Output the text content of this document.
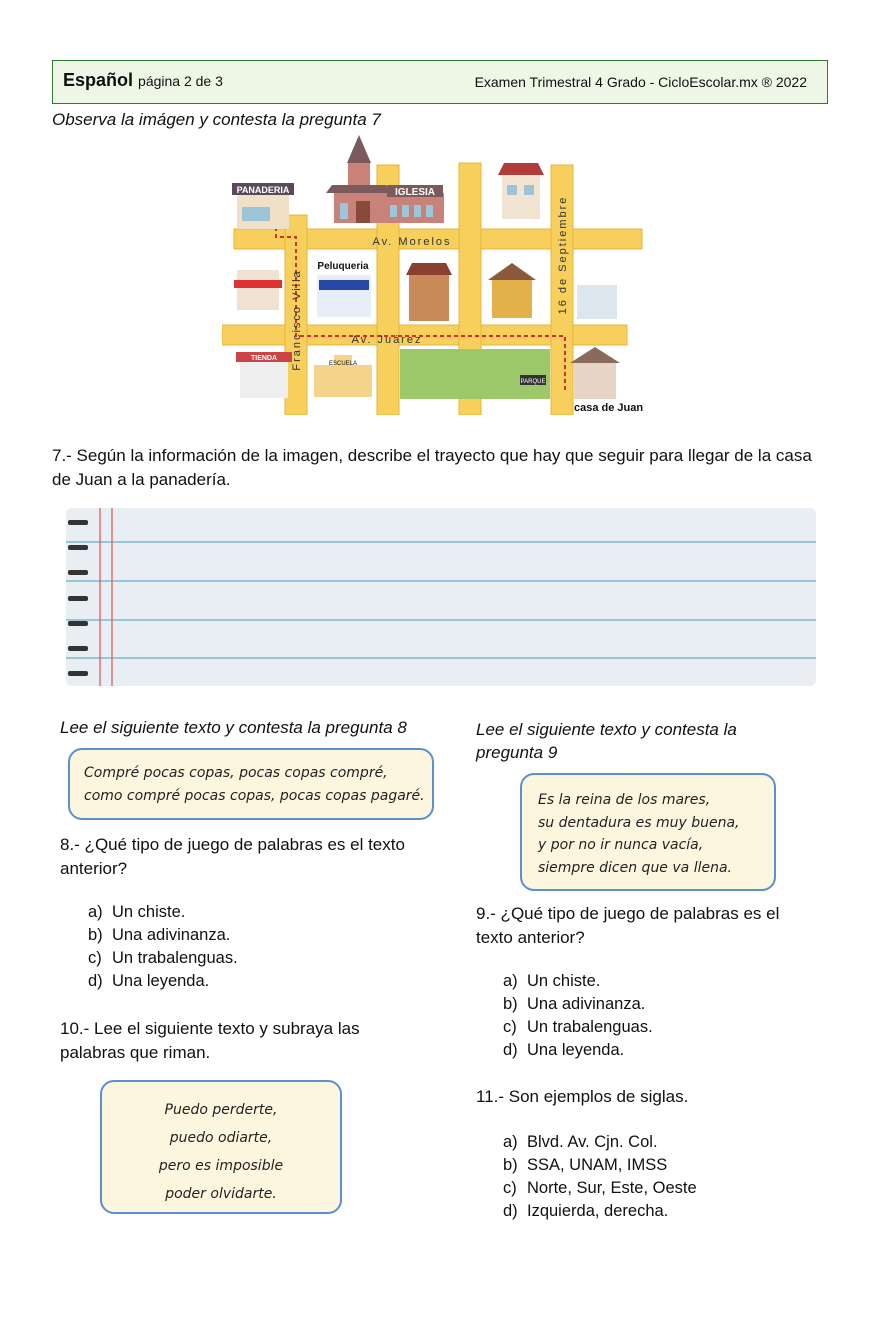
Español página 2 de 3	Examen Trimestral 4 Grado - CicloEscolar.mx ® 2022
Observa la imágen y contesta la pregunta 7
IGLESIA
PANADERIA
Peluqueria
TIENDA
ESCUELA
PARQUE
Av. Morelos
Av. Juárez
Francisco Villa
16 de Septiembre
casa de Juan
7.- Según la información de la imagen, describe el trayecto que hay que seguir para llegar de la casa de Juan a la panadería.
Lee el siguiente texto y contesta la pregunta 8
Compré pocas copas, pocas copas compré,
como compré pocas copas, pocas copas pagaré.
8.- ¿Qué tipo de juego de palabras es el texto anterior?
a) Un chiste.
b) Una adivinanza.
c) Un trabalenguas.
d) Una leyenda.
10.- Lee el siguiente texto y subraya las palabras que riman.
Puedo perderte,
puedo odiarte,
pero es imposible
poder olvidarte.
Lee el siguiente texto y contesta la pregunta 9
Es la reina de los mares,
su dentadura es muy buena,
y por no ir nunca vacía,
siempre dicen que va llena.
9.- ¿Qué tipo de juego de palabras es el texto anterior?
a) Un chiste.
b) Una adivinanza.
c) Un trabalenguas.
d) Una leyenda.
11.- Son ejemplos de siglas.
a) Blvd. Av. Cjn. Col.
b) SSA, UNAM, IMSS
c) Norte, Sur, Este, Oeste
d) Izquierda, derecha.
